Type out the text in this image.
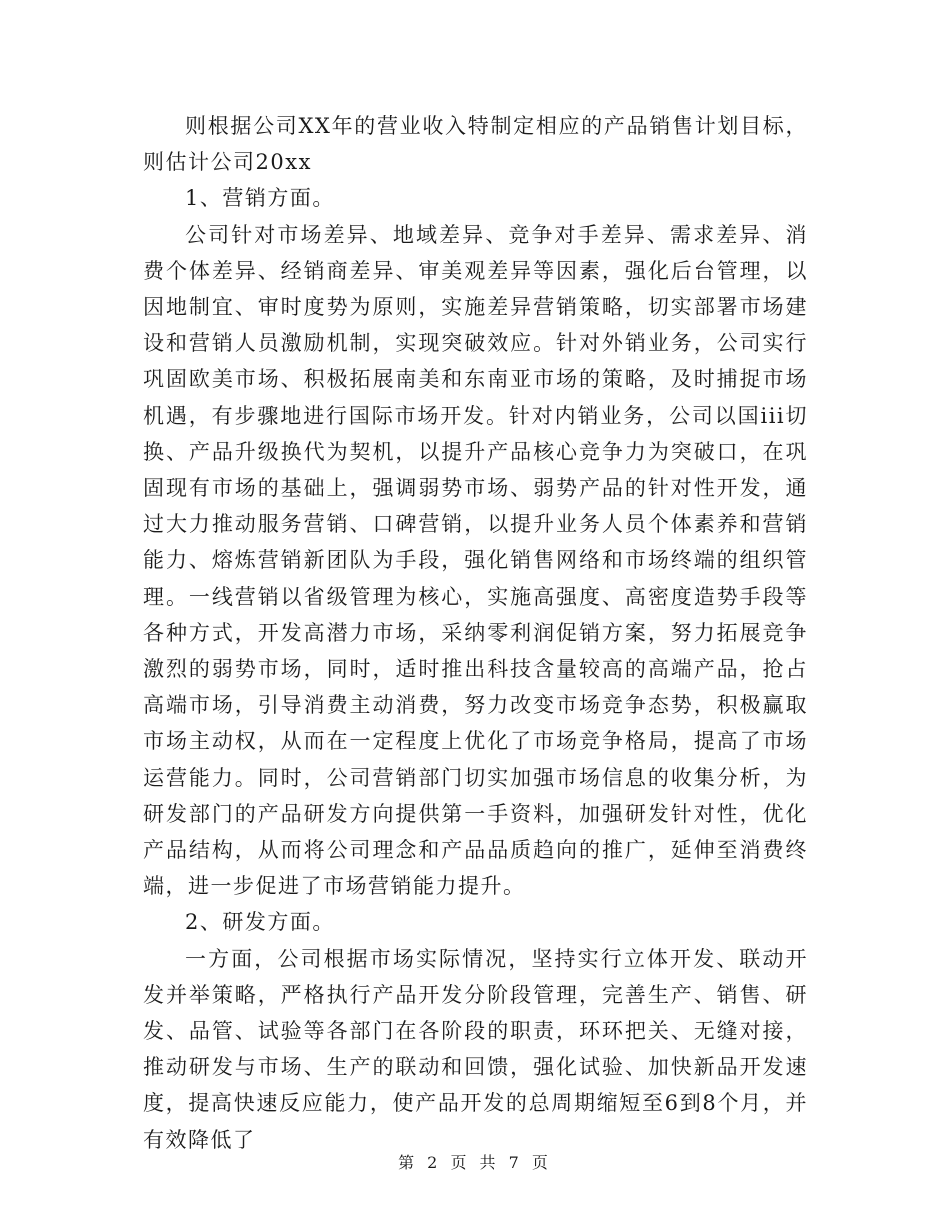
则根据公司XX年的营业收入特制定相应的产品销售计划目标，则估计公司20xx

1、营销方面。

公司针对市场差异、地域差异、竞争对手差异、需求差异、消费个体差异、经销商差异、审美观差异等因素，强化后台管理，以因地制宜、审时度势为原则，实施差异营销策略，切实部署市场建设和营销人员激励机制，实现突破效应。针对外销业务，公司实行巩固欧美市场、积极拓展南美和东南亚市场的策略，及时捕捉市场机遇，有步骤地进行国际市场开发。针对内销业务，公司以国iii切换、产品升级换代为契机，以提升产品核心竞争力为突破口，在巩固现有市场的基础上，强调弱势市场、弱势产品的针对性开发，通过大力推动服务营销、口碑营销，以提升业务人员个体素养和营销能力、熔炼营销新团队为手段，强化销售网络和市场终端的组织管理。一线营销以省级管理为核心，实施高强度、高密度造势手段等各种方式，开发高潜力市场，采纳零利润促销方案，努力拓展竞争激烈的弱势市场，同时，适时推出科技含量较高的高端产品，抢占高端市场，引导消费主动消费，努力改变市场竞争态势，积极赢取市场主动权，从而在一定程度上优化了市场竞争格局，提高了市场运营能力。同时，公司营销部门切实加强市场信息的收集分析，为研发部门的产品研发方向提供第一手资料，加强研发针对性，优化产品结构，从而将公司理念和产品品质趋向的推广，延伸至消费终端，进一步促进了市场营销能力提升。

2、研发方面。

一方面，公司根据市场实际情况，坚持实行立体开发、联动开发并举策略，严格执行产品开发分阶段管理，完善生产、销售、研发、品管、试验等各部门在各阶段的职责，环环把关、无缝对接，推动研发与市场、生产的联动和回馈，强化试验、加快新品开发速度，提高快速反应能力，使产品开发的总周期缩短至6到8个月，并有效降低了

第 2 页 共 7 页
